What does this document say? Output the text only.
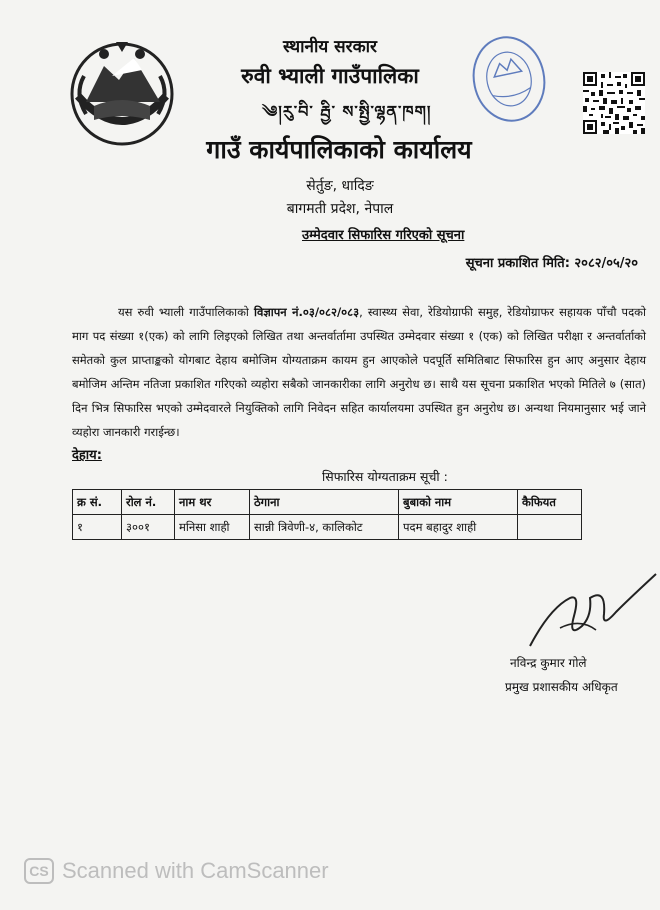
स्थानीय सरकार
रुवी भ्याली गाउँपालिका
༄།རུ་བི་ རྦྱི་ ས་སྤྱི་ལྷན་ཁག།
गाउँ कार्यपालिकाको कार्यालय
सेर्तुङ, धादिङ
बागमती प्रदेश, नेपाल
उम्मेदवार सिफारिस गरिएको सूचना
सूचना प्रकाशित मिति: २०८२/०५/२०
यस रुवी भ्याली गाउँपालिकाको विज्ञापन नं.०३/०८२/०८३, स्वास्थ्य सेवा, रेडियोग्राफी समुह, रेडियोग्राफर सहायक पाँचौ पदको माग पद संख्या १(एक) को लागि लिइएको लिखित तथा अन्तर्वार्तामा उपस्थित उम्मेदवार संख्या १ (एक) को लिखित परीक्षा र अन्तर्वार्ताको समेतको कुल प्राप्ताङ्कको योगबाट देहाय बमोजिम योग्यताक्रम कायम हुन आएकोले पदपूर्ति समितिबाट सिफारिस हुन आए अनुसार देहाय बमोजिम अन्तिम नतिजा प्रकाशित गरिएको व्यहोरा सबैको जानकारीका लागि अनुरोध छ। साथै यस सूचना प्रकाशित भएको मितिले ७ (सात) दिन भित्र सिफारिस भएको उम्मेदवारले नियुक्तिको लागि निवेदन सहित कार्यालयमा उपस्थित हुन अनुरोध छ। अन्यथा नियमानुसार भई जाने व्यहोरा जानकारी गराईन्छ।
देहाय:
सिफारिस योग्यताक्रम सूची :
क्र सं.	रोल नं.	नाम थर	ठेगाना	बुबाको नाम	कैफियत
१	३००१	मनिसा शाही	सान्नी त्रिवेणी-४, कालिकोट	पदम बहादुर शाही	
नविन्द्र कुमार गोले
प्रमुख प्रशासकीय अधिकृत
CS Scanned with CamScanner
